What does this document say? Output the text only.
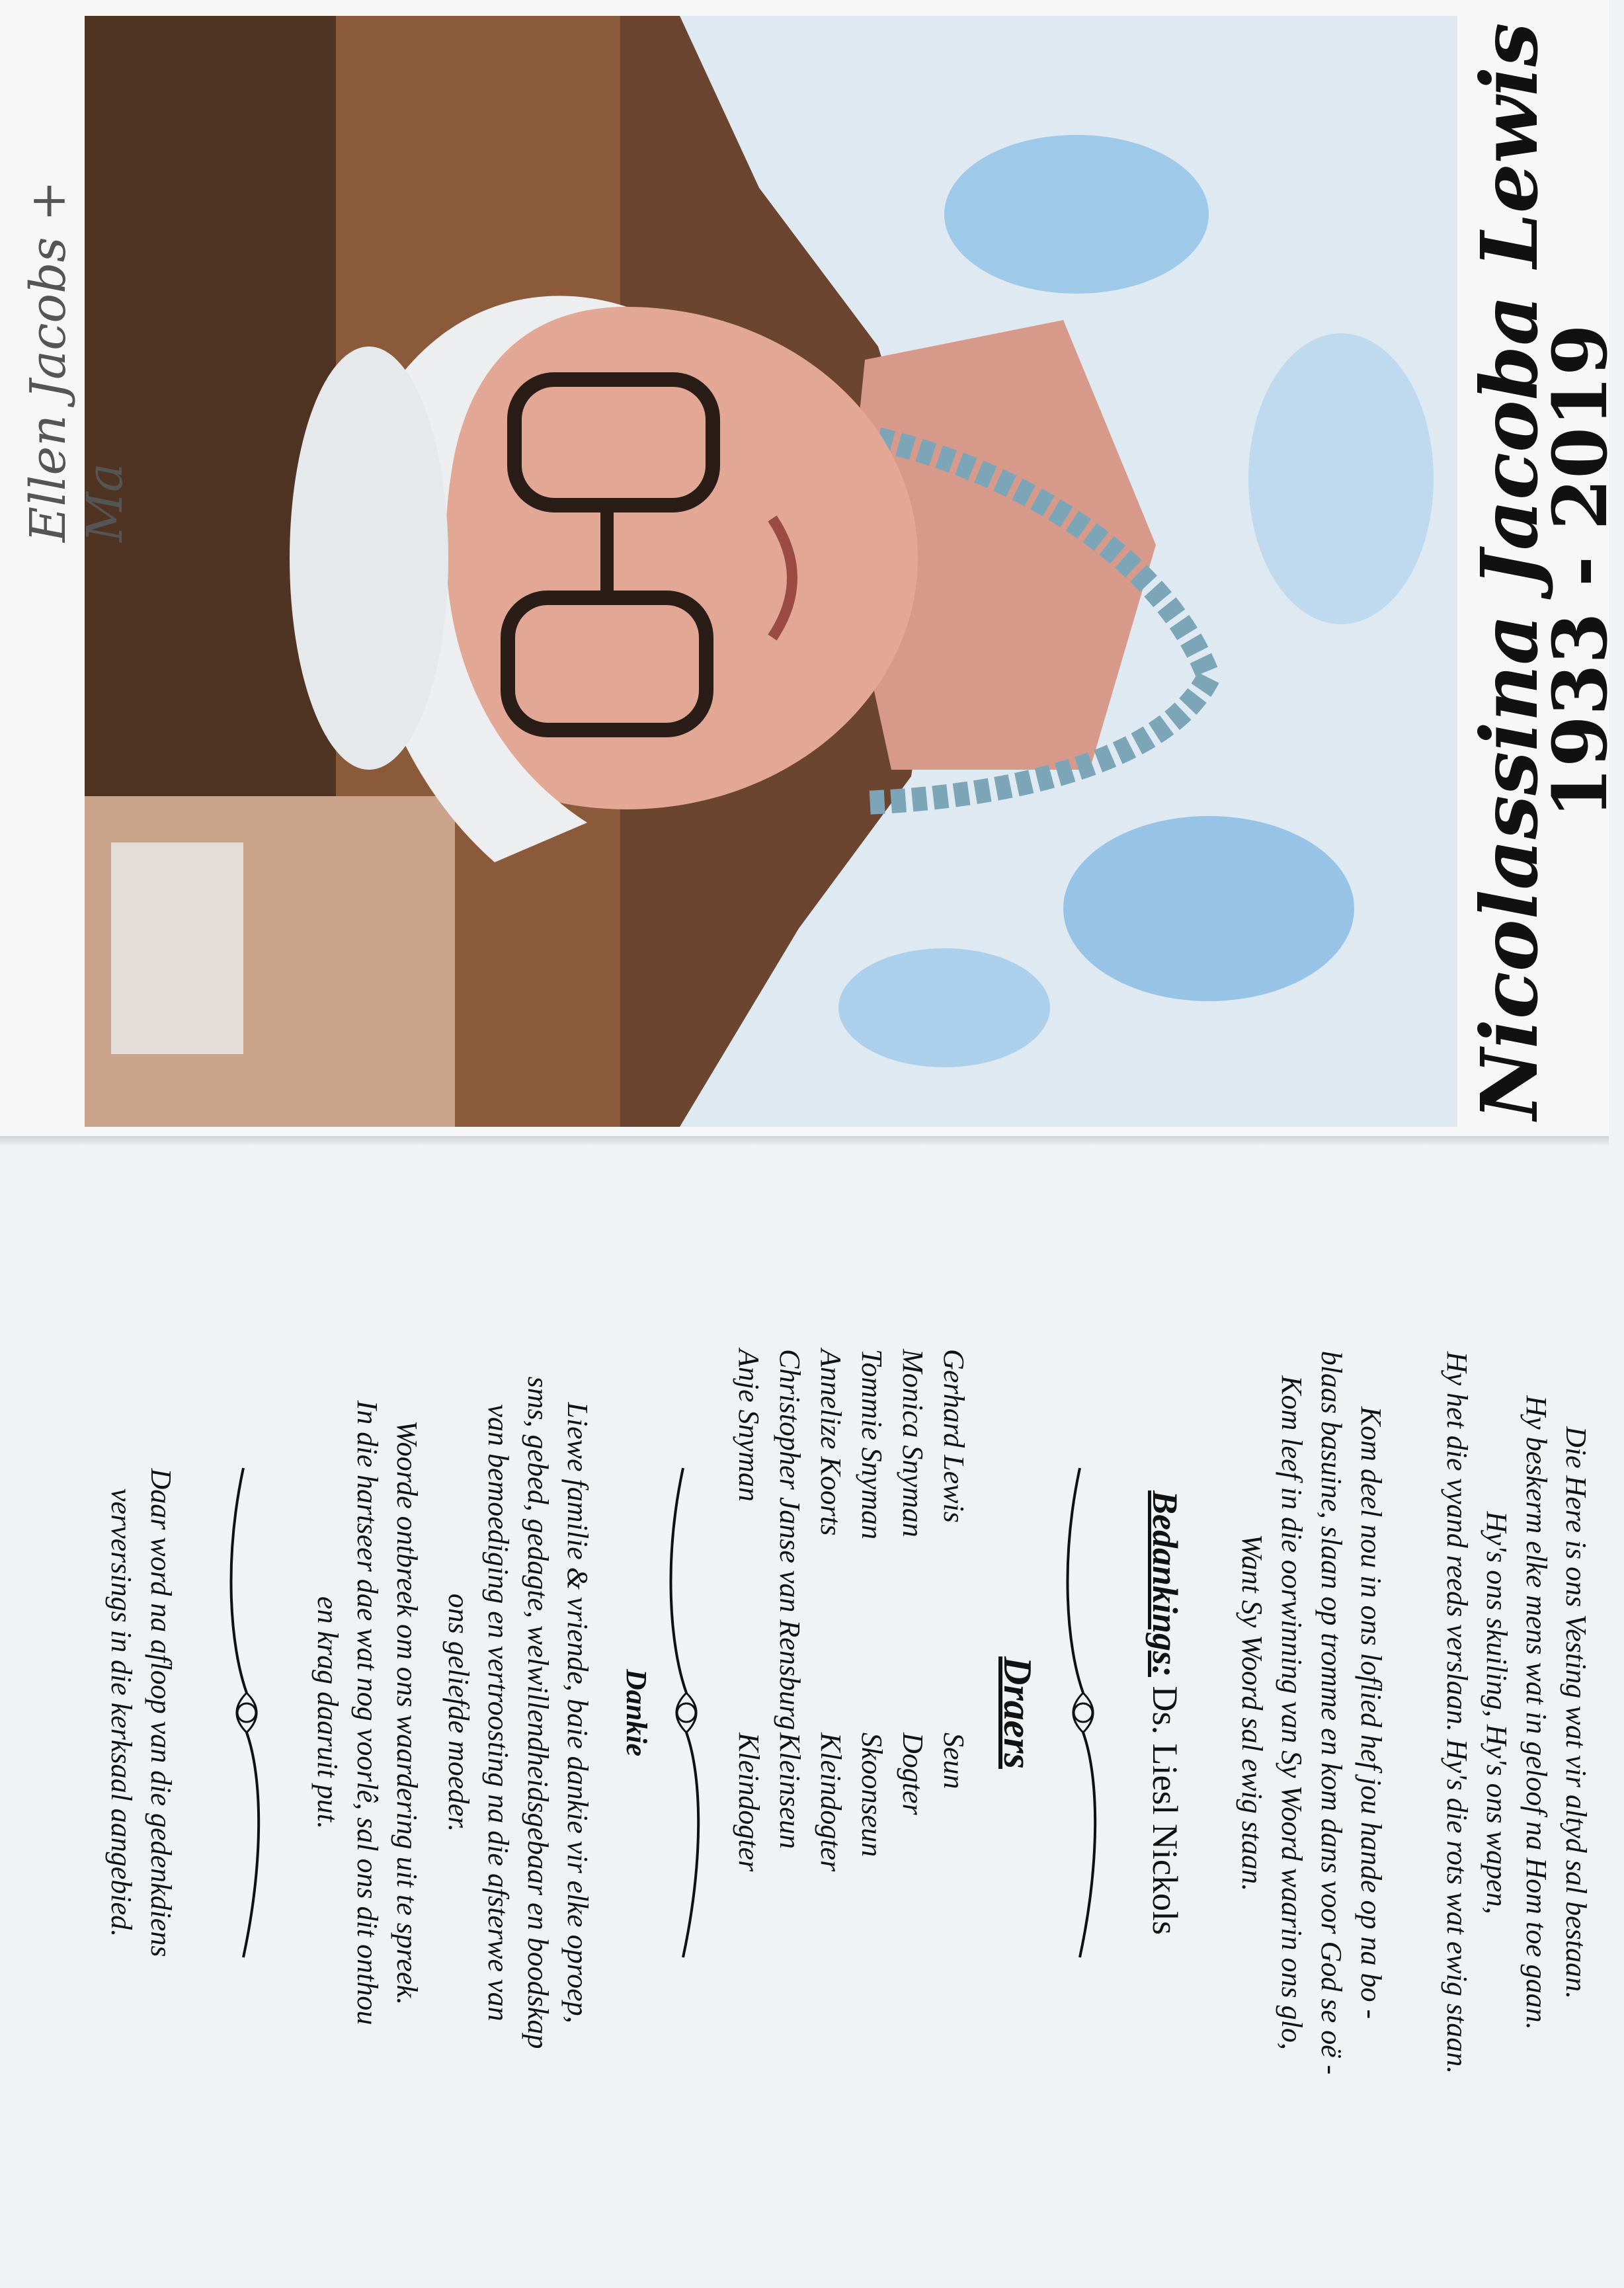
Ellen Jacobs + Ma	Nicolassina Jacoba Lewis
1933 - 2019
Die Here is ons Vesting wat vir altyd sal bestaan.
Hy beskerm elke mens wat in geloof na Hom toe gaan.
Hy's ons skuiling, Hy's ons wapen,
Hy het die vyand reeds verslaan. Hy's die rots wat ewig staan.
Kom deel nou in ons loflied hef jou hande op na bo -
blaas basuine, slaan op tromme en kom dans voor God se oë -
Kom leef in die oorwinning van Sy Woord waarin ons glo,
Want Sy Woord sal ewig staan.
Bedankings: Ds. Liesl Nickols
Draers
Gerhard Lewis
Seun
Monica Snyman
Dogter
Tommie Snyman
Skoonseun
Annelize Koorts
Kleindogter
Christopher Janse van Rensburg
Kleinseun
Anje Snyman
Kleindogter
Dankie
Liewe familie & vriende, baie dankie vir elke oproep,
sms, gebed, gedagte, welwillendheidsgebaar en boodskap
van bemoediging en vertroosting na die afsterwe van
ons geliefde moeder.
Woorde ontbreek om ons waardering uit te spreek.
In die hartseer dae wat nog voorlê, sal ons dit onthou
en krag daaruit put.
Daar word na afloop van die gedenkdiens
verversings in die kerksaal aangebied.
